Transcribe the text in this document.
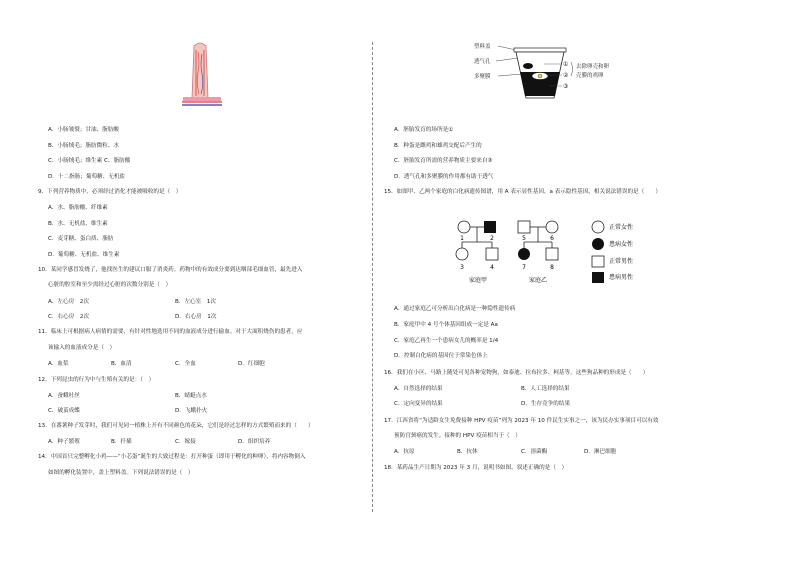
A．小肠皱襞；甘油、脂肪酸
B．小肠绒毛；脂肪微粒、水
C．小肠绒毛；维生素 C、脂肪酸
D．十二指肠；葡萄糖、无机盐
9．下列营养物质中，必须经过消化才能被吸收的是（　）
A．水、脂肪酸、纤维素
B．水、无机盐、维生素
C．麦芽糖、蛋白质、脂肪
D．葡萄糖、无机盐、维生素
10．某同学感冒发烧了，他找医生的建议口服了消炎药。药物中的有效成分要到达咽部毛细血管，最先进入
心脏的腔室和至少需经过心脏的次数分别是（　）
A．左心房　2次	B．左心室　1次
C．右心房　2次	D．右心房　1次
11．临床上可根据病人病情的需要，有针对性地选用不同的血液成分进行输血。对于大面积烧伤的患者，应
该输入的血液成分是（　）
A．血浆	B．血清	C．全血	D．红细胞
12．下列昆虫的行为中与生殖有关的是：（　）
A．蚕蛾吐丝	B．蜻蜓点水
C．破茧成蝶	D．飞蛾扑火
13．在番薯种子发芽时，我们可见同一植株上开有不同颜色的花朵，它们是经过怎样的方式繁殖而来的（　　）
A．种子繁殖	B．扦插	C．嫁接	D．组织培养
14．中国首只完整孵化小鸡——“小芯蛋”诞生的大致过程是：打开种蛋（即用于孵化的种卵），将内容物倒入
如图的孵化装置中，盖上塑料盖。下列说法错误的是（　）
塑料盖
透气孔
多聚膜
①
②
③
去除卵壳和卵
壳膜的鸡卵
A．胚胎发育的场所是①
B．种蛋是雌鸡和雄鸡交配后产生的
C．胚胎发育所需的营养物质主要来自③
D．透气孔和多聚膜的作用都有助于透气
15．如图甲、乙两个家庭的白化病遗传图谱，用 A 表示显性基因，a 表示隐性基因，相关说法错误的是（　　）
1	2
3	4
家庭甲
5	6
7	8
家庭乙
正常女性
患病女性
正常男性
患病男性
A．通过家庭乙可分析出白化病是一种隐性遗传病
B．家庭甲中 4 号个体基因组成一定是 Aa
C．家庭乙再生一个患病女儿的概率是 1/4
D．控制白化病的基因位于常染色体上
16．我们在小区、马路上随处可见各种宠物狗，如泰迪、拉布拉多、柯基等，这些狗品种的形成是（　　）
A．自然选择的结果	B．人工选择的结果
C．定向变异的结果	D．生存竞争的结果
17．江西省将“为适龄女生免费接种 HPV 疫苗”列为 2023 年 10 件民生实事之一，该为民办实事项目可以有效
预防宫颈癌的发生。接种的 HPV 疫苗相当于（　）
A．抗原	B．抗体	C．溶菌酶	D．淋巴细胞
18．某药品生产日期为 2023 年 3 月，说明书如图，叙述正确的是（　）
